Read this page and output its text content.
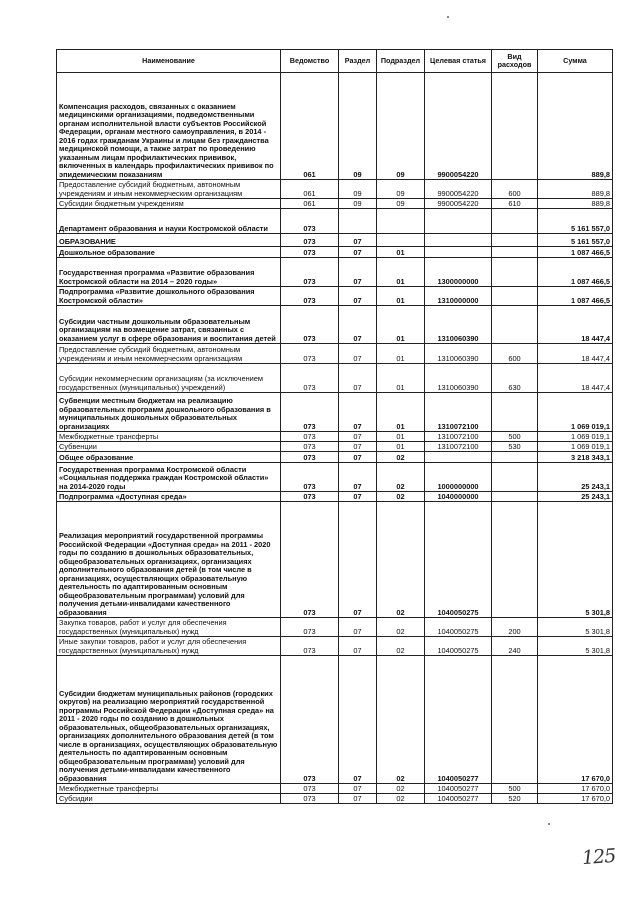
Наименование	Ведомство	Раздел	Подраздел	Целевая статья	Вид расходов	Сумма
Компенсация расходов, связанных с оказанием медицинскими организациями, подведомственными органам исполнительной власти субъектов Российской Федерации, органам местного самоуправления, в 2014 - 2016 годах гражданам Украины и лицам без гражданства медицинской помощи, а также затрат по проведению указанным лицам профилактических прививок, включенных в календарь профилактических прививок по эпидемическим показаниям	061	09	09	9900054220		889,8
Предоставление субсидий бюджетным, автономным учреждениям и иным некоммерческим организациям	061	09	09	9900054220	600	889,8
Субсидии бюджетным учреждениям	061	09	09	9900054220	610	889,8
Департамент образования и науки Костромской области	073					5 161 557,0
ОБРАЗОВАНИЕ	073	07				5 161 557,0
Дошкольное образование	073	07	01			1 087 466,5
Государственная программа «Развитие образования Костромской области на 2014 – 2020 годы»	073	07	01	1300000000		1 087 466,5
Подпрограмма «Развитие дошкольного образования Костромской области»	073	07	01	1310000000		1 087 466,5
Субсидии частным дошкольным образовательным организациям на возмещение затрат, связанных с оказанием услуг в сфере образования и воспитания детей	073	07	01	1310060390		18 447,4
Предоставление субсидий бюджетным, автономным учреждениям и иным некоммерческим организациям	073	07	01	1310060390	600	18 447,4
Субсидии некоммерческим организациям (за исключением государственных (муниципальных) учреждений)	073	07	01	1310060390	630	18 447,4
Субвенции местным бюджетам на реализацию образовательных программ дошкольного образования в муниципальных дошкольных образовательных организациях	073	07	01	1310072100		1 069 019,1
Межбюджетные трансферты	073	07	01	1310072100	500	1 069 019,1
Субвенции	073	07	01	1310072100	530	1 069 019,1
Общее образование	073	07	02			3 218 343,1
Государственная программа Костромской области «Социальная поддержка граждан Костромской области» на 2014-2020 годы	073	07	02	1000000000		25 243,1
Подпрограмма «Доступная среда»	073	07	02	1040000000		25 243,1
Реализация мероприятий государственной программы Российской Федерации «Доступная среда» на 2011 - 2020 годы по созданию в дошкольных образовательных, общеобразовательных организациях, организациях дополнительного образования детей (в том числе в организациях, осуществляющих образовательную деятельность по адаптированным основным общеобразовательным программам) условий для получения детьми-инвалидами качественного образования	073	07	02	1040050275		5 301,8
Закупка товаров, работ и услуг для обеспечения государственных (муниципальных) нужд	073	07	02	1040050275	200	5 301,8
Иные закупки товаров, работ и услуг для обеспечения государственных (муниципальных) нужд	073	07	02	1040050275	240	5 301,8
Субсидии бюджетам муниципальных районов (городских округов) на реализацию мероприятий государственной программы Российской Федерации «Доступная среда» на 2011 - 2020 годы по созданию в дошкольных образовательных, общеобразовательных организациях, организациях дополнительного образования детей (в том числе в организациях, осуществляющих образовательную деятельность по адаптированным основным общеобразовательным программам) условий для получения детьми-инвалидами качественного образования	073	07	02	1040050277		17 670,0
Межбюджетные трансферты	073	07	02	1040050277	500	17 670,0
Субсидии	073	07	02	1040050277	520	17 670,0
125
